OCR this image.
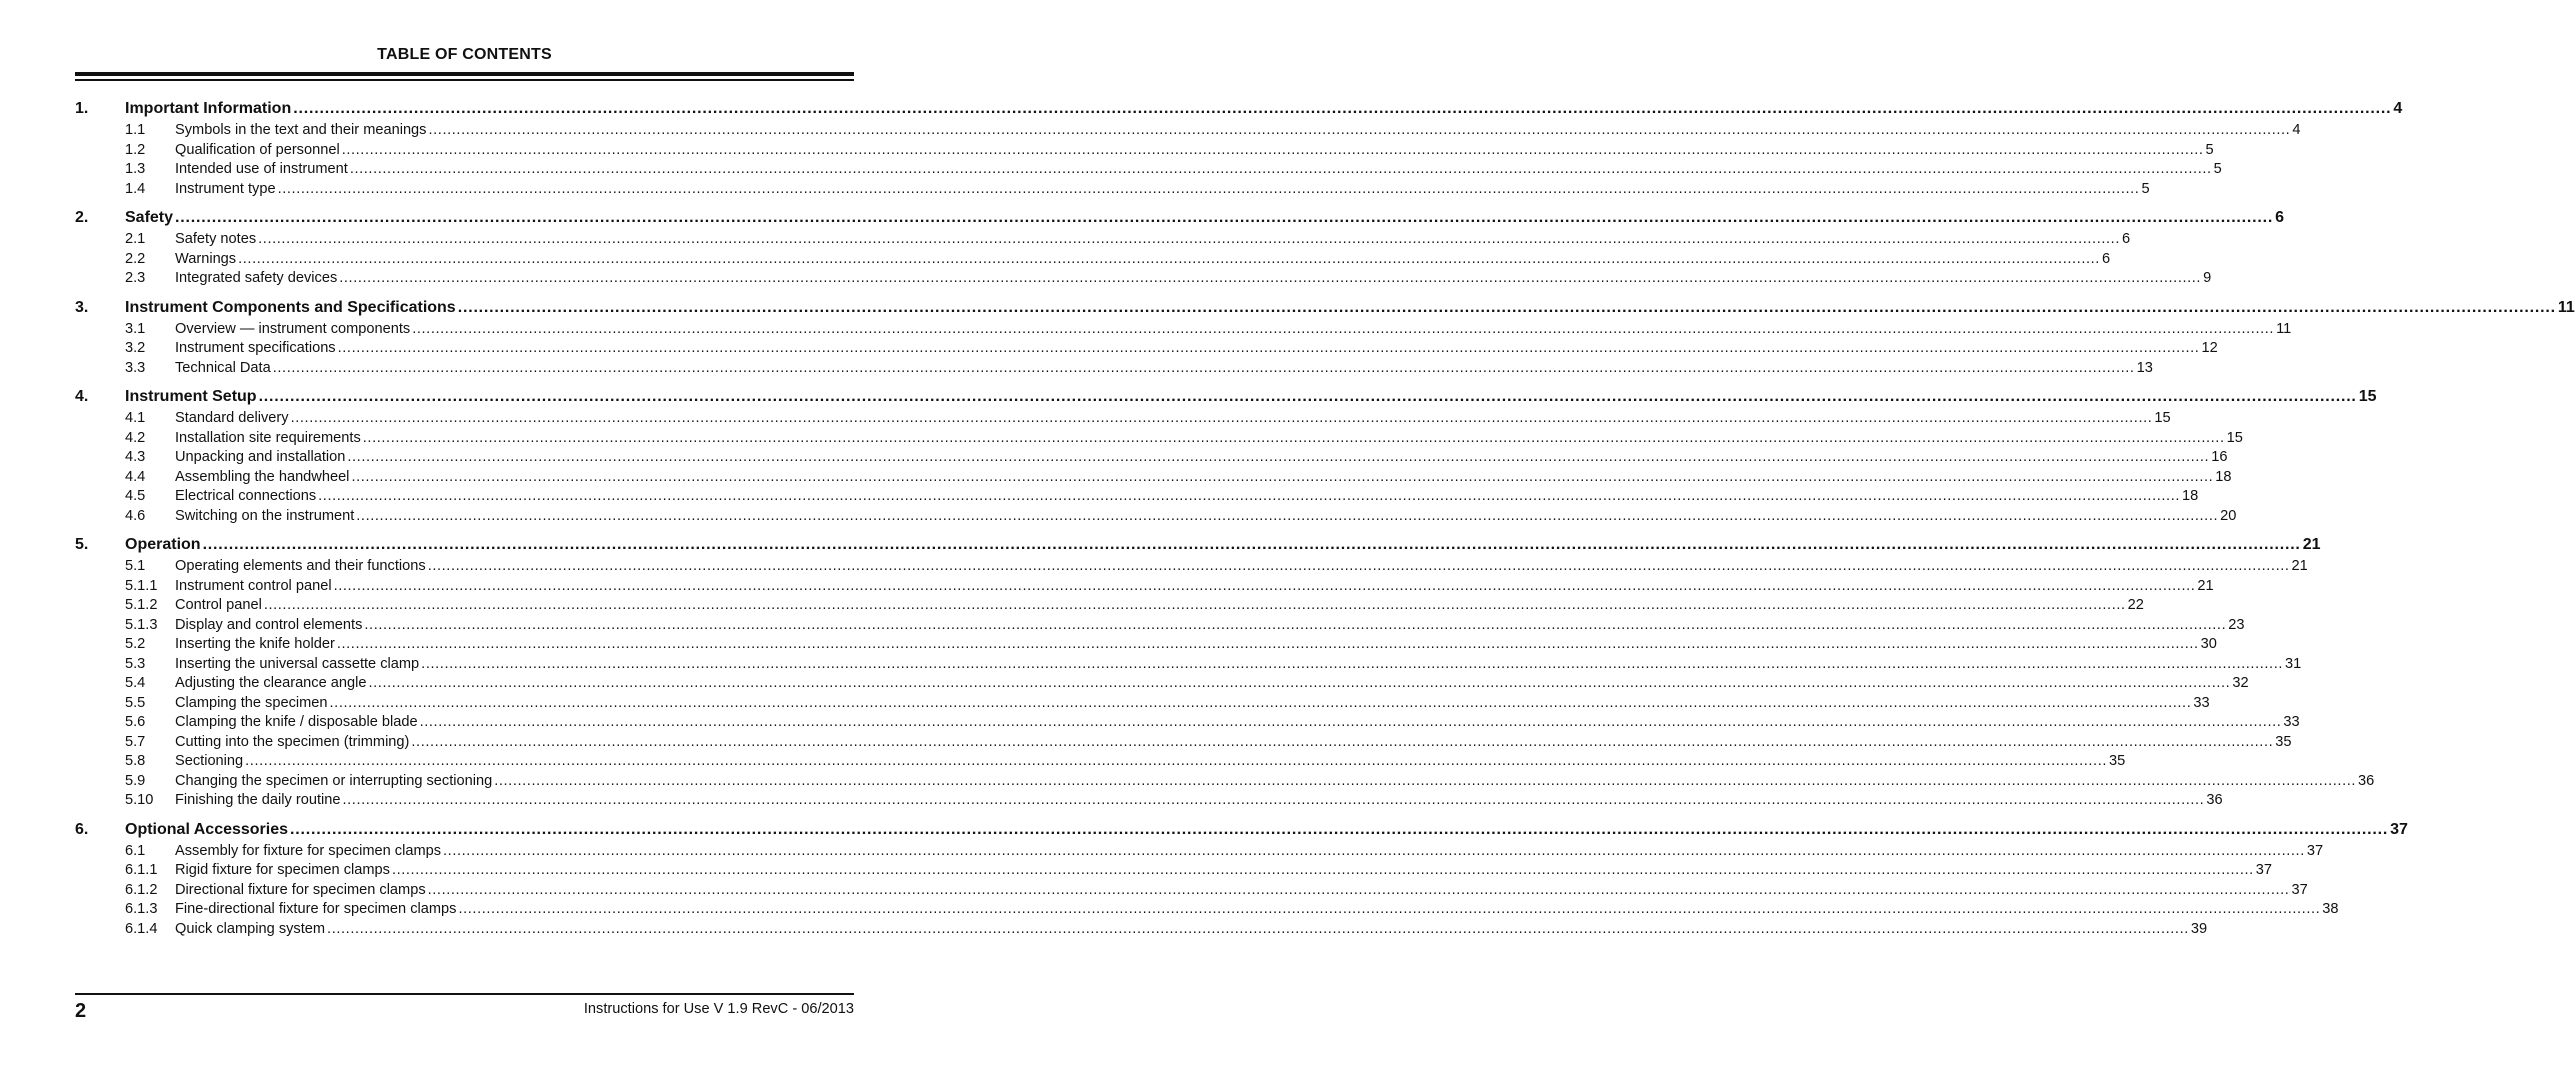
TABLE OF CONTENTS
1.	Important Information ................................................................................................................................................................................................................................................................................................................................................................................................................ 4
1.1	Symbols in the text and their meanings ................................................................................................................................................................................................................................................................................................................................................................................................................ 4
1.2	Qualification of personnel ................................................................................................................................................................................................................................................................................................................................................................................................................ 5
1.3	Intended use of instrument ................................................................................................................................................................................................................................................................................................................................................................................................................ 5
1.4	Instrument type ................................................................................................................................................................................................................................................................................................................................................................................................................ 5
2.	Safety ................................................................................................................................................................................................................................................................................................................................................................................................................ 6
2.1	Safety notes ................................................................................................................................................................................................................................................................................................................................................................................................................ 6
2.2	Warnings ................................................................................................................................................................................................................................................................................................................................................................................................................ 6
2.3	Integrated safety devices ................................................................................................................................................................................................................................................................................................................................................................................................................ 9
3.	Instrument Components and Specifications ................................................................................................................................................................................................................................................................................................................................................................................................................ 11
3.1	Overview — instrument components ................................................................................................................................................................................................................................................................................................................................................................................................................ 11
3.2	Instrument specifications ................................................................................................................................................................................................................................................................................................................................................................................................................ 12
3.3	Technical Data ................................................................................................................................................................................................................................................................................................................................................................................................................ 13
4.	Instrument Setup ................................................................................................................................................................................................................................................................................................................................................................................................................ 15
4.1	Standard delivery ................................................................................................................................................................................................................................................................................................................................................................................................................ 15
4.2	Installation site requirements ................................................................................................................................................................................................................................................................................................................................................................................................................ 15
4.3	Unpacking and installation ................................................................................................................................................................................................................................................................................................................................................................................................................ 16
4.4	Assembling the handwheel ................................................................................................................................................................................................................................................................................................................................................................................................................ 18
4.5	Electrical connections ................................................................................................................................................................................................................................................................................................................................................................................................................ 18
4.6	Switching on the instrument ................................................................................................................................................................................................................................................................................................................................................................................................................ 20
5.	Operation ................................................................................................................................................................................................................................................................................................................................................................................................................ 21
5.1	Operating elements and their functions ................................................................................................................................................................................................................................................................................................................................................................................................................ 21
5.1.1	Instrument control panel ................................................................................................................................................................................................................................................................................................................................................................................................................ 21
5.1.2	Control panel ................................................................................................................................................................................................................................................................................................................................................................................................................ 22
5.1.3	Display and control elements ................................................................................................................................................................................................................................................................................................................................................................................................................ 23
5.2	Inserting the knife holder ................................................................................................................................................................................................................................................................................................................................................................................................................ 30
5.3	Inserting the universal cassette clamp ................................................................................................................................................................................................................................................................................................................................................................................................................ 31
5.4	Adjusting the clearance angle ................................................................................................................................................................................................................................................................................................................................................................................................................ 32
5.5	Clamping the specimen ................................................................................................................................................................................................................................................................................................................................................................................................................ 33
5.6	Clamping the knife / disposable blade ................................................................................................................................................................................................................................................................................................................................................................................................................ 33
5.7	Cutting into the specimen (trimming) ................................................................................................................................................................................................................................................................................................................................................................................................................ 35
5.8	Sectioning ................................................................................................................................................................................................................................................................................................................................................................................................................ 35
5.9	Changing the specimen or interrupting sectioning ................................................................................................................................................................................................................................................................................................................................................................................................................ 36
5.10	Finishing the daily routine ................................................................................................................................................................................................................................................................................................................................................................................................................ 36
6.	Optional Accessories ................................................................................................................................................................................................................................................................................................................................................................................................................ 37
6.1	Assembly for fixture for specimen clamps ................................................................................................................................................................................................................................................................................................................................................................................................................ 37
6.1.1	Rigid fixture for specimen clamps ................................................................................................................................................................................................................................................................................................................................................................................................................ 37
6.1.2	Directional fixture for specimen clamps ................................................................................................................................................................................................................................................................................................................................................................................................................ 37
6.1.3	Fine-directional fixture for specimen clamps ................................................................................................................................................................................................................................................................................................................................................................................................................ 38
6.1.4	Quick clamping system ................................................................................................................................................................................................................................................................................................................................................................................................................ 39
2	Instructions for Use V 1.9 RevC - 06/2013
